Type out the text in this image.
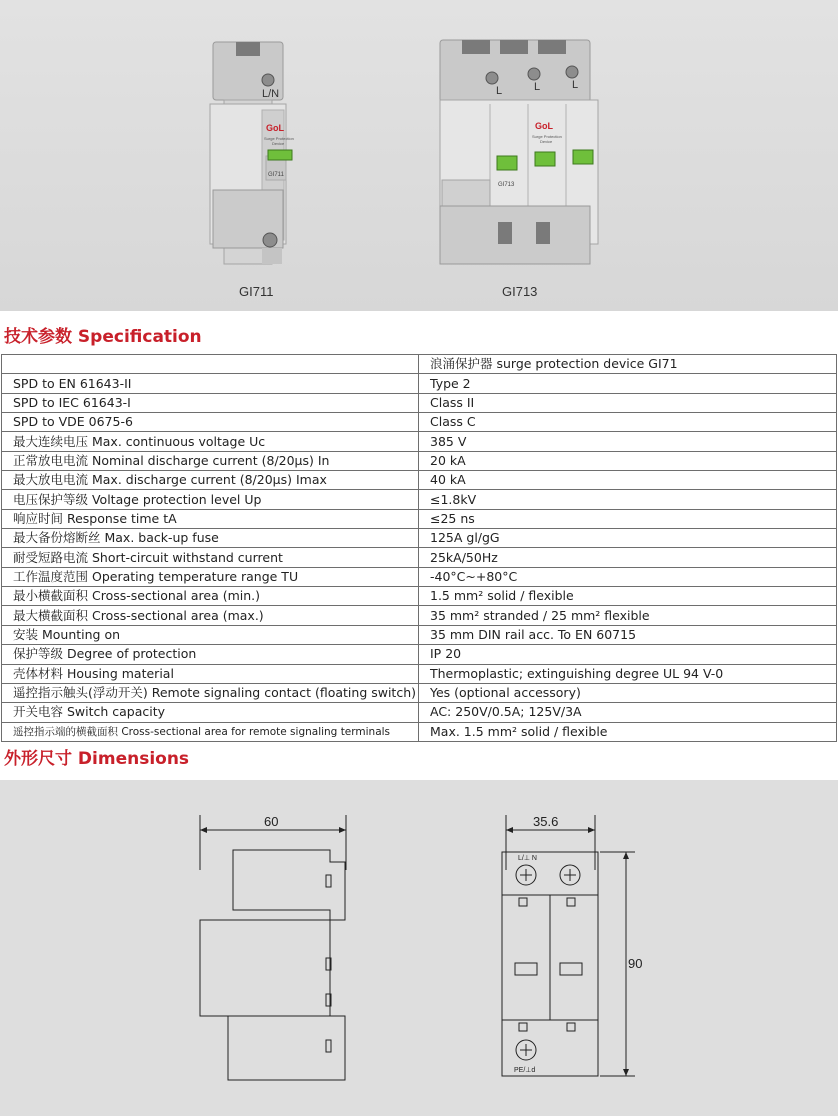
L/N
GoL
Surge Protection
Device
GI711
L	L	L
GoL
Surge Protection
Device
GI713
GI711	GI713
技术参数 Specification
	浪涌保护器 surge protection device GI71
SPD to EN 61643-II	Type 2
SPD to IEC 61643-I	Class II
SPD to VDE 0675-6	Class C
最大连续电压 Max. continuous voltage Uc	385 V
正常放电电流 Nominal discharge current (8/20μs) In	20 kA
最大放电电流 Max. discharge current (8/20μs) Imax	40 kA
电压保护等级 Voltage protection level Up	≤1.8kV
响应时间 Response time tA	≤25 ns
最大备份熔断丝 Max. back-up fuse	125A gl/gG
耐受短路电流 Short-circuit withstand current	25kA/50Hz
工作温度范围 Operating temperature range TU	-40°C~+80°C
最小横截面积 Cross-sectional area (min.)	1.5 mm² solid / flexible
最大横截面积 Cross-sectional area (max.)	35 mm² stranded / 25 mm² flexible
安装 Mounting on	35 mm DIN rail acc. To EN 60715
保护等级 Degree of protection	IP 20
壳体材料 Housing material	Thermoplastic; extinguishing degree UL 94 V-0
遥控指示触头(浮动开关) Remote signaling contact (floating switch)	Yes (optional accessory)
开关电容 Switch capacity	AC: 250V/0.5A; 125V/3A
遥控指示端的横截面积 Cross-sectional area for remote signaling terminals	Max. 1.5 mm² solid / flexible
外形尺寸 Dimensions
60	35.6
90
L/⊥ N
PE/⊥d
